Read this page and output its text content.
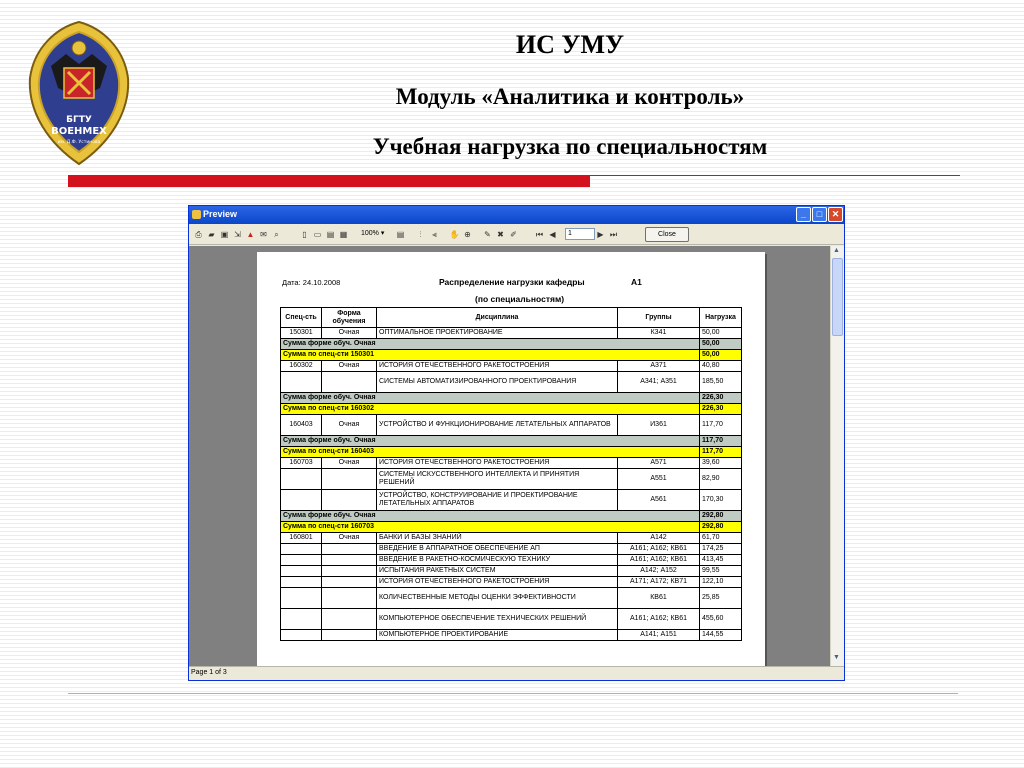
БГТУ
ВОЕНМЕХ
им. Д.Ф. Устинова
ИС УМУ
Модуль «Аналитика и контроль»
Учебная нагрузка по специальностям
Preview	_	□	✕
⎙ ▰ ▣ ⇲ ▲ ✉ ⌕	▯ ▭ ▤ ▦ 100% ▾ ▤	⫶	⫷	✋ ⊕ ✎ ✖ ✐ ⏮ ◀	1	▶ ⏭	Close
Дата: 24.10.2008	Распределение нагрузки кафедры	А1
(по специальностям)
Спец-сть	Форма обучения	Дисциплина	Группы	Нагрузка
150301	Очная	ОПТИМАЛЬНОЕ ПРОЕКТИРОВАНИЕ	К341	50,00
Сумма форме обуч. Очная				50,00
Сумма по спец-сти 150301				50,00
160302	Очная	ИСТОРИЯ ОТЕЧЕСТВЕННОГО РАКЕТОСТРОЕНИЯ	А371	40,80
		СИСТЕМЫ АВТОМАТИЗИРОВАННОГО ПРОЕКТИРОВАНИЯ	А341; А351	185,50
Сумма форме обуч. Очная				226,30
Сумма по спец-сти 160302				226,30
160403	Очная	УСТРОЙСТВО И ФУНКЦИОНИРОВАНИЕ ЛЕТАТЕЛЬНЫХ АППАРАТОВ	И361	117,70
Сумма форме обуч. Очная				117,70
Сумма по спец-сти 160403				117,70
160703	Очная	ИСТОРИЯ ОТЕЧЕСТВЕННОГО РАКЕТОСТРОЕНИЯ	А571	39,60
		СИСТЕМЫ ИСКУССТВЕННОГО ИНТЕЛЛЕКТА И ПРИНЯТИЯ РЕШЕНИЙ	А551	82,90
		УСТРОЙСТВО, КОНСТРУИРОВАНИЕ И ПРОЕКТИРОВАНИЕ ЛЕТАТЕЛЬНЫХ АППАРАТОВ	А561	170,30
Сумма форме обуч. Очная				292,80
Сумма по спец-сти 160703				292,80
160801	Очная	БАНКИ И БАЗЫ ЗНАНИЙ	А142	61,70
		ВВЕДЕНИЕ В АППАРАТНОЕ ОБЕСПЕЧЕНИЕ АП	А161; А162; КВ61	174,25
		ВВЕДЕНИЕ В РАКЕТНО-КОСМИЧЕСКУЮ ТЕХНИКУ	А161; А162; КВ61	413,45
		ИСПЫТАНИЯ РАКЕТНЫХ СИСТЕМ	А142; А152	99,55
		ИСТОРИЯ ОТЕЧЕСТВЕННОГО РАКЕТОСТРОЕНИЯ	А171; А172; КВ71	122,10
		КОЛИЧЕСТВЕННЫЕ МЕТОДЫ ОЦЕНКИ ЭФФЕКТИВНОСТИ	КВ61	25,85
		КОМПЬЮТЕРНОЕ ОБЕСПЕЧЕНИЕ ТЕХНИЧЕСКИХ РЕШЕНИЙ	А161; А162; КВ61	455,60
		КОМПЬЮТЕРНОЕ ПРОЕКТИРОВАНИЕ	А141; А151	144,55
▲
▼
Page 1 of 3
